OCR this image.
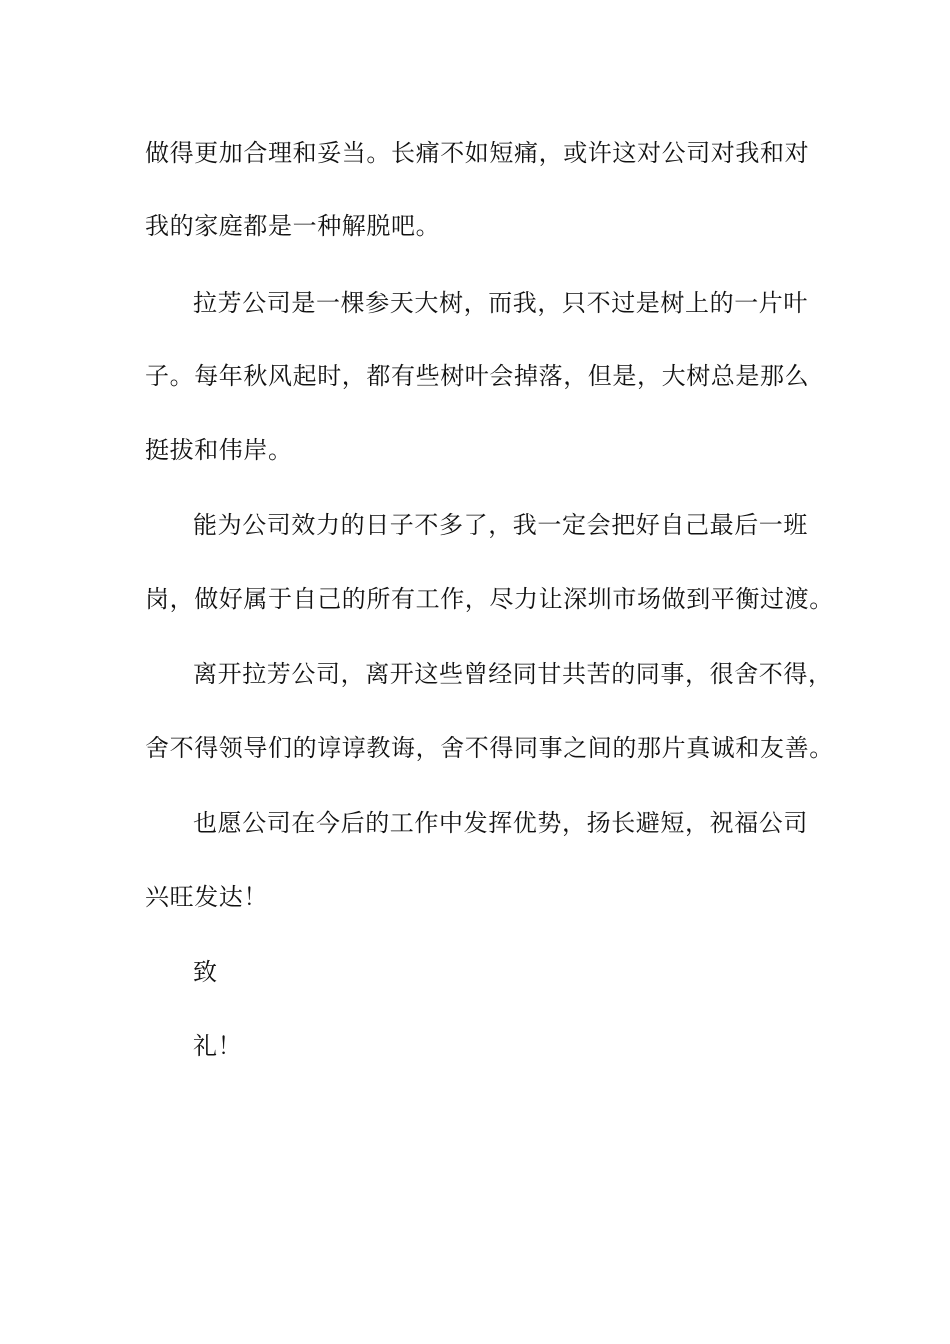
做得更加合理和妥当。长痛不如短痛，或许这对公司对我和对
我的家庭都是一种解脱吧。
拉芳公司是一棵参天大树，而我，只不过是树上的一片叶
子。每年秋风起时，都有些树叶会掉落，但是，大树总是那么
挺拔和伟岸。
能为公司效力的日子不多了，我一定会把好自己最后一班
岗，做好属于自己的所有工作，尽力让深圳市场做到平衡过渡。
离开拉芳公司，离开这些曾经同甘共苦的同事，很舍不得，
舍不得领导们的谆谆教诲，舍不得同事之间的那片真诚和友善。
也愿公司在今后的工作中发挥优势，扬长避短，祝福公司
兴旺发达！
致
礼！
